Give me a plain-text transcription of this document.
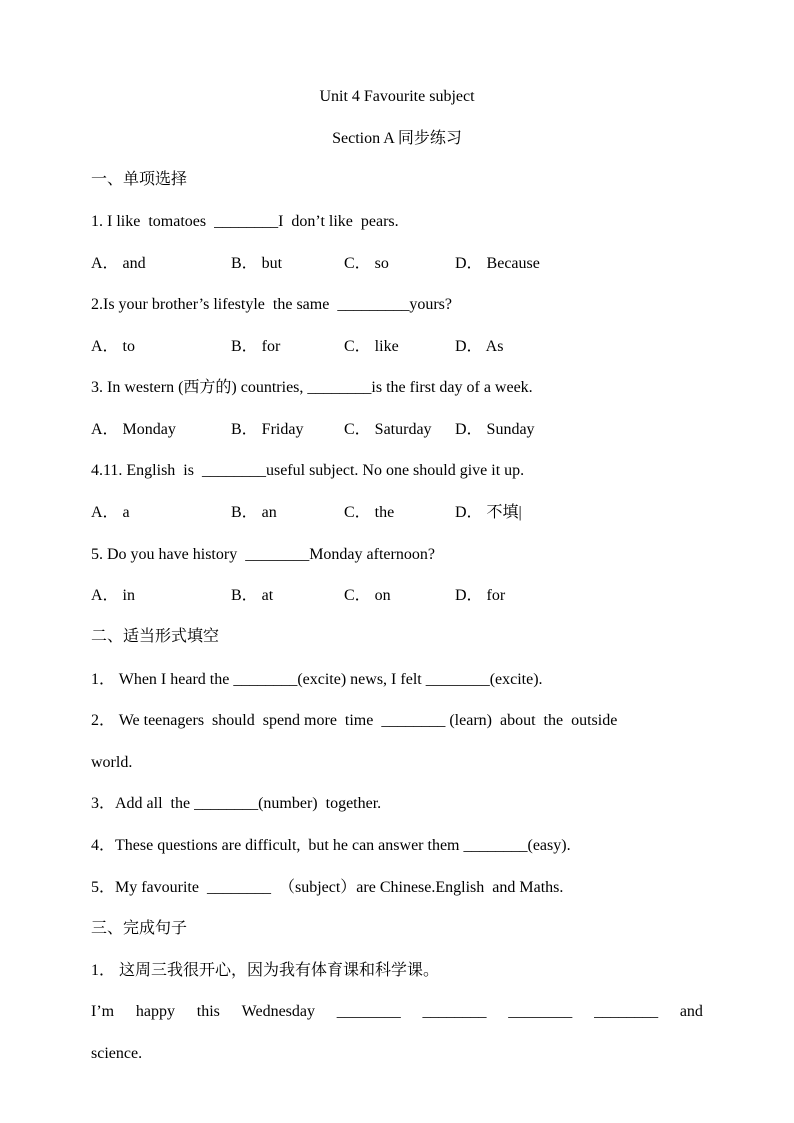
Unit 4 Favourite subject
Section A 同步练习
一、单项选择
1. I like  tomatoes  ________I  don’t like  pears.
A． and	B． but	C． so	D． Because
2.Is your brother’s lifestyle  the same  _________yours?
A． to	B． for	C． like	D． As
3. In western (西方的) countries, ________is the first day of a week.
A． Monday	B． Friday	C． Saturday D． Sunday
4.11. English  is  ________useful subject. No one should give it up.
A． a	B． an	C． the	D． 不填|
5. Do you have history  ________Monday afternoon?
A． in	B． at	C． on	D． for
二、适当形式填空
1． When I heard the ________(excite) news, I felt ________(excite).
2． We teenagers  should  spend more  time  ________ (learn)  about  the  outside
world.
3．Add all  the ________(number)  together.
4．These questions are difficult,  but he can answer them ________(easy).
5．My favourite  ________  （subject）are Chinese.English  and Maths.
三、完成句子
1． 这周三我很开心，因为我有体育课和科学课。
I’m happy this Wednesday ________ ________ ________ ________ and
science.
